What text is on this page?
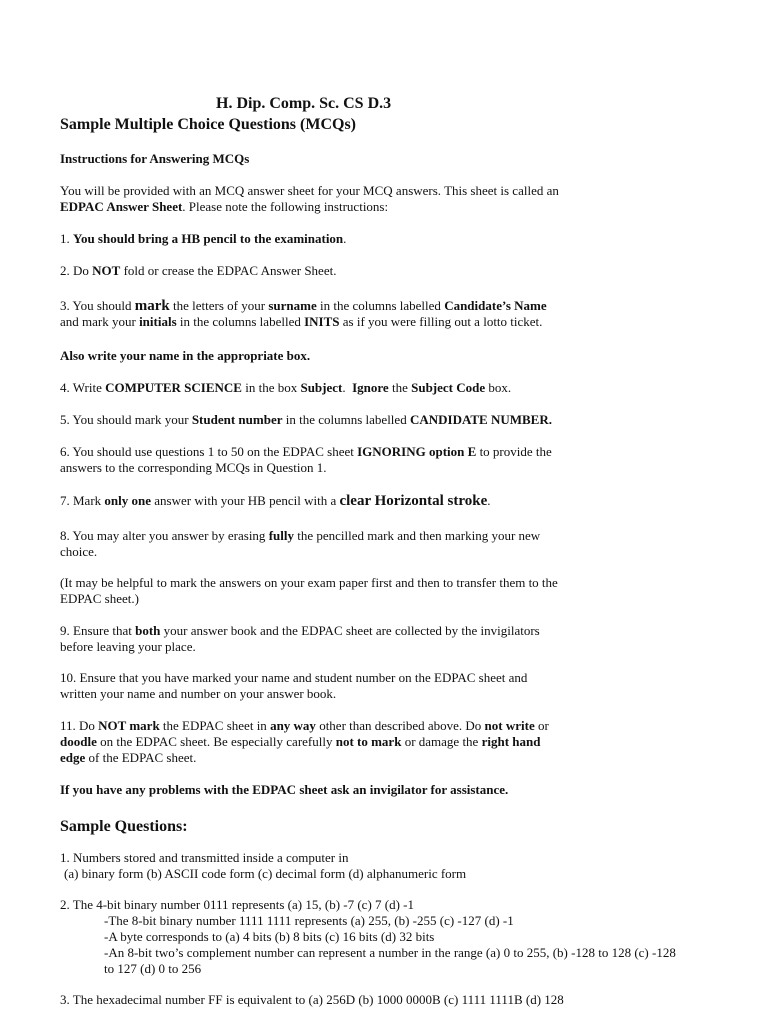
H. Dip. Comp. Sc. CS D.3
Sample Multiple Choice Questions (MCQs)
Instructions for Answering MCQs
You will be provided with an MCQ answer sheet for your MCQ answers. This sheet is called an
EDPAC Answer Sheet. Please note the following instructions:
1. You should bring a HB pencil to the examination.
2. Do NOT fold or crease the EDPAC Answer Sheet.
3. You should mark the letters of your surname in the columns labelled Candidate’s Name
and mark your initials in the columns labelled INITS as if you were filling out a lotto ticket.
Also write your name in the appropriate box.
4. Write COMPUTER SCIENCE in the box Subject.  Ignore the Subject Code box.
5. You should mark your Student number in the columns labelled CANDIDATE NUMBER.
6. You should use questions 1 to 50 on the EDPAC sheet IGNORING option E to provide the
answers to the corresponding MCQs in Question 1.
7. Mark only one answer with your HB pencil with a clear Horizontal stroke.
8. You may alter you answer by erasing fully the pencilled mark and then marking your new
choice.
(It may be helpful to mark the answers on your exam paper first and then to transfer them to the
EDPAC sheet.)
9. Ensure that both your answer book and the EDPAC sheet are collected by the invigilators
before leaving your place.
10. Ensure that you have marked your name and student number on the EDPAC sheet and
written your name and number on your answer book.
11. Do NOT mark the EDPAC sheet in any way other than described above. Do not write or
doodle on the EDPAC sheet. Be especially carefully not to mark or damage the right hand
edge of the EDPAC sheet.
If you have any problems with the EDPAC sheet ask an invigilator for assistance.
Sample Questions:
1. Numbers stored and transmitted inside a computer in
(a) binary form (b) ASCII code form (c) decimal form (d) alphanumeric form
2. The 4-bit binary number 0111 represents (a) 15, (b) -7 (c) 7 (d) -1
-The 8-bit binary number 1111 1111 represents (a) 255, (b) -255 (c) -127 (d) -1
-A byte corresponds to (a) 4 bits (b) 8 bits (c) 16 bits (d) 32 bits
-An 8-bit two’s complement number can represent a number in the range (a) 0 to 255, (b) -128 to 128 (c) -128
to 127 (d) 0 to 256
3. The hexadecimal number FF is equivalent to (a) 256D (b) 1000 0000B (c) 1111 1111B (d) 128
